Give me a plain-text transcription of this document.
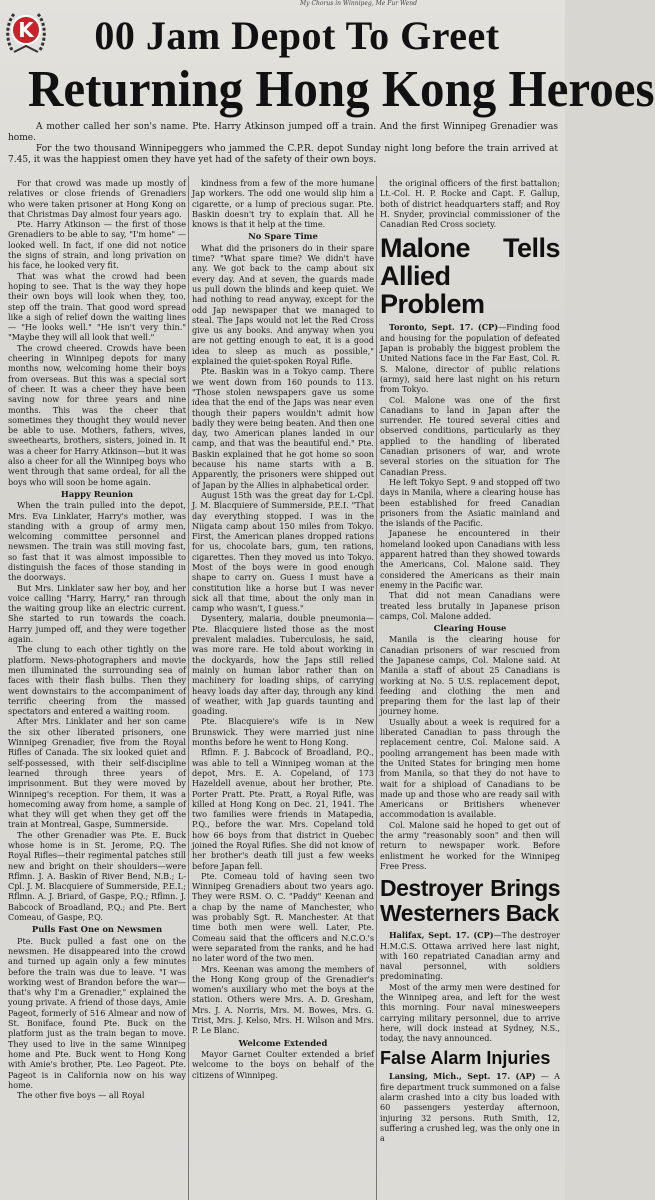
My Chorus in Winnipeg, Me Fur Wend
K	00 Jam Depot To Greet
Returning Hong Kong Heroes

A mother called her son's name. Pte. Harry Atkinson jumped off a train. And the first Winnipeg Grenadier was home.

For the two thousand Winnipeggers who jammed the C.P.R. depot Sunday night long before the train arrived at 7.45, it was the happiest omen they have yet had of the safety of their own boys.

For that crowd was made up mostly of relatives or close friends of Grenadiers who were taken prisoner at Hong Kong on that Christmas Day almost four years ago.

Pte. Harry Atkinson — the first of those Grenadiers to be able to say, "I'm home" — looked well. In fact, if one did not notice the signs of strain, and long privation on his face, he looked very fit.

That was what the crowd had been hoping to see. That is the way they hope their own boys will look when they, too, step off the train. That good word spread like a sigh of relief down the waiting lines — "He looks well." "He isn't very thin." "Maybe they will all look that well."

The crowd cheered. Crowds have been cheering in Winnipeg depots for many months now, welcoming home their boys from overseas. But this was a special sort of cheer. It was a cheer they have been saving now for three years and nine months. This was the cheer that sometimes they thought they would never be able to use. Mothers, fathers, wives, sweethearts, brothers, sisters, joined in. It was a cheer for Harry Atkinson—but it was also a cheer for all the Winnipeg boys who went through that same ordeal, for all the boys who will soon be home again.

Happy Reunion

When the train pulled into the depot, Mrs. Eva Linklater, Harry's mother, was standing with a group of army men, welcoming committee personnel and newsmen. The train was still moving fast, so fast that it was almost impossible to distinguish the faces of those standing in the doorways.

But Mrs. Linklater saw her boy, and her voice calling "Harry, Harry," ran through the waiting group like an electric current. She started to run towards the coach. Harry jumped off, and they were together again.

The clung to each other tightly on the platform. News-photographers and movie men illuminated the surrounding sea of faces with their flash bulbs. Then they went downstairs to the accompaniment of terrific cheering from the massed spectators and entered a waiting room.

After Mrs. Linklater and her son came the six other liberated prisoners, one Winnipeg Grenadier, five from the Royal Rifles of Canada. The six looked quiet and self-possessed, with their self-discipline learned through three years of imprisonment. But they were moved by Winnipeg's reception. For them, it was a homecoming away from home, a sample of what they will get when they get off the train at Montreal, Gaspe, Summerside.

The other Grenadier was Pte. E. Buck whose home is in St. Jerome, P.Q. The Royal Rifles—their regimental patches still new and bright on their shoulders—were Rflmn. J. A. Baskin of River Bend, N.B.; L-Cpl. J. M. Blacquiere of Summerside, P.E.I.; Rflmn. A. J. Briard, of Gaspe, P.Q.; Rflmn. J. Babcock of Broadland, P.Q.; and Pte. Bert Comeau, of Gaspe, P.Q.

Pulls Fast One on Newsmen

Pte. Buck pulled a fast one on the newsmen. He disappeared into the crowd and turned up again only a few minutes before the train was due to leave. "I was working west of Brandon before the war—that's why I'm a Grenadier," explained the young private. A friend of those days, Amie Pageot, formerly of 516 Almear and now of St. Boniface, found Pte. Buck on the platform just as the train began to move. They used to live in the same Winnipeg home and Pte. Buck went to Hong Kong with Amie's brother, Pte. Leo Pageot. Pte. Pageot is in California now on his way home.

The other five boys — all Royal

kindness from a few of the more humane Jap workers. The odd one would slip him a cigarette, or a lump of precious sugar. Pte. Baskin doesn't try to explain that. All he knows is that it help at the time.

No Spare Time

What did the prisoners do in their spare time? "What spare time? We didn't have any. We got back to the camp about six every day. And at seven, the guards made us pull down the blinds and keep quiet. We had nothing to read anyway, except for the odd Jap newspaper that we managed to steal. The Japs would not let the Red Cross give us any books. And anyway when you are not getting enough to eat, it is a good idea to sleep as much as possible," explained the quiet-spoken Royal Rifle.

Pte. Baskin was in a Tokyo camp. There we went down from 160 pounds to 113. "Those stolen newspapers gave us some idea that the end of the Japs was near even though their papers wouldn't admit how badly they were being beaten. And then one day, two American planes landed in our camp, and that was the beautiful end." Pte. Baskin explained that he got home so soon because his name starts with a B. Apparently, the prisoners were shipped out of Japan by the Allies in alphabetical order.

August 15th was the great day for L-Cpl. J. M. Blacquiere of Summerside, P.E.I. "That day everything stopped. I was in the Niigata camp about 150 miles from Tokyo. First, the American planes dropped rations for us, chocolate bars, gum, ten rations, cigarettes. Then they moved us into Tokyo. Most of the boys were in good enough shape to carry on. Guess I must have a constitution like a horse but I was never sick all that time, about the only man in camp who wasn't, I guess."

Dysentery, malaria, double pneumonia—Pte. Blacquiere listed those as the most prevalent maladies. Tuberculosis, he said, was more rare. He told about working in the dockyards, how the Japs still relied mainly on human labor rather than on machinery for loading ships, of carrying heavy loads day after day, through any kind of weather, with Jap guards taunting and goading.

Pte. Blacquiere's wife is in New Brunswick. They were married just nine months before he went to Hong Kong.

Rflmn. F. J. Babcock of Broadland, P.Q., was able to tell a Winnipeg woman at the depot, Mrs. E. A. Copeland, of 173 Hazeldell avenue, about her brother, Pte. Porter Pratt. Pte. Pratt, a Royal Rifle, was killed at Hong Kong on Dec. 21, 1941. The two families were friends in Matapedia, P.Q., before the war. Mrs. Copeland told how 66 boys from that district in Quebec joined the Royal Rifles. She did not know of her brother's death till just a few weeks before Japan fell.

Pte. Comeau told of having seen two Winnipeg Grenadiers about two years ago. They were RSM. O. C. "Paddy" Keenan and a chap by the name of Manchester, who was probably Sgt. R. Manchester. At that time both men were well. Later, Pte. Comeau said that the officers and N.C.O.'s were separated from the ranks, and he had no later word of the two men.

Mrs. Keenan was among the members of the Hong Kong group of the Grenadier's women's auxiliary who met the boys at the station. Others were Mrs. A. D. Gresham, Mrs. J. A. Norris, Mrs. M. Bowes, Mrs. G. Trist, Mrs. J. Kelso, Mrs. H. Wilson and Mrs. P. Le Blanc.

Welcome Extended

Mayor Garnet Coulter extended a brief welcome to the boys on behalf of the citizens of Winnipeg.

the original officers of the first battalion; Lt.-Col. H. P. Rocke and Capt. F. Gallup, both of district headquarters staff; and Roy H. Snyder, provincial commissioner of the Canadian Red Cross society.

Malone Tells Allied Problem

Toronto, Sept. 17. (CP)—Finding food and housing for the population of defeated Japan is probably the biggest problem the United Nations face in the Far East, Col. R. S. Malone, director of public relations (army), said here last night on his return from Tokyo.

Col. Malone was one of the first Canadians to land in Japan after the surrender. He toured several cities and observed conditions, particularly as they applied to the handling of liberated Canadian prisoners of war, and wrote several stories on the situation for The Canadian Press.

He left Tokyo Sept. 9 and stopped off two days in Manila, where a clearing house has been established for freed Canadian prisoners from the Asiatic mainland and the islands of the Pacific.

Japanese he encountered in their homeland looked upon Canadians with less apparent hatred than they showed towards the Americans, Col. Malone said. They considered the Americans as their main enemy in the Pacific war.

That did not mean Canadians were treated less brutally in Japanese prison camps, Col. Malone added.

Clearing House

Manila is the clearing house for Canadian prisoners of war rescued from the Japanese camps, Col. Malone said. At Manila a staff of about 25 Canadians is working at No. 5 U.S. replacement depot, feeding and clothing the men and preparing them for the last lap of their journey home.

Usually about a week is required for a liberated Canadian to pass through the replacement centre, Col. Malone said. A pooling arrangement has been made with the United States for bringing men home from Manila, so that they do not have to wait for a shipload of Canadians to be made up and those who are ready sail with Americans or Britishers whenever accommodation is available.

Col. Malone said he hoped to get out of the army "reasonably soon" and then will return to newspaper work. Before enlistment he worked for the Winnipeg Free Press.

Destroyer Brings Westerners Back

Halifax, Sept. 17. (CP)—The destroyer H.M.C.S. Ottawa arrived here last night, with 160 repatriated Canadian army and naval personnel, with soldiers predominating.

Most of the army men were destined for the Winnipeg area, and left for the west this morning. Four naval minesweepers carrying military personnel, due to arrive here, will dock instead at Sydney, N.S., today, the navy announced.

False Alarm Injuries

Lansing, Mich., Sept. 17. (AP) — A fire department truck summoned on a false alarm crashed into a city bus loaded with 60 passengers yesterday afternoon, injuring 32 persons. Ruth Smith, 12, suffering a crushed leg, was the only one in a
